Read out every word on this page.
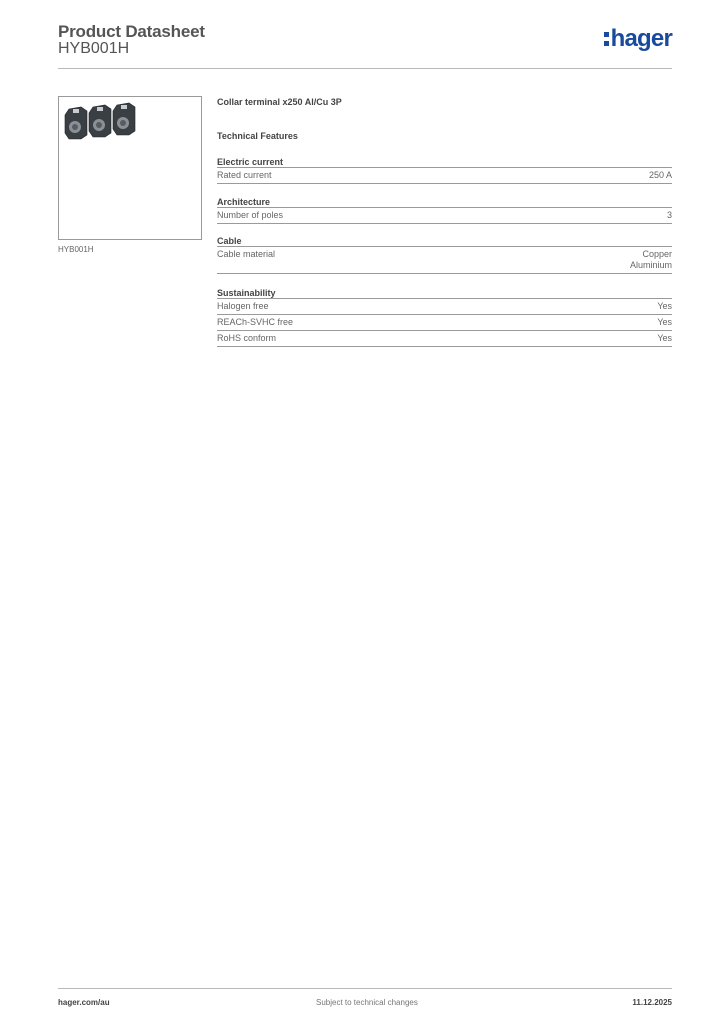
Product Datasheet
HYB001H	hager
HYB001H
Collar terminal x250 Al/Cu 3P
Technical Features
Electric current
Rated current	250 A
Architecture
Number of poles	3
Cable
Cable material	Copper
Aluminium
Sustainability
Halogen free	Yes
REACh-SVHC free	Yes
RoHS conform	Yes
hager.com/au	Subject to technical changes	11.12.2025
